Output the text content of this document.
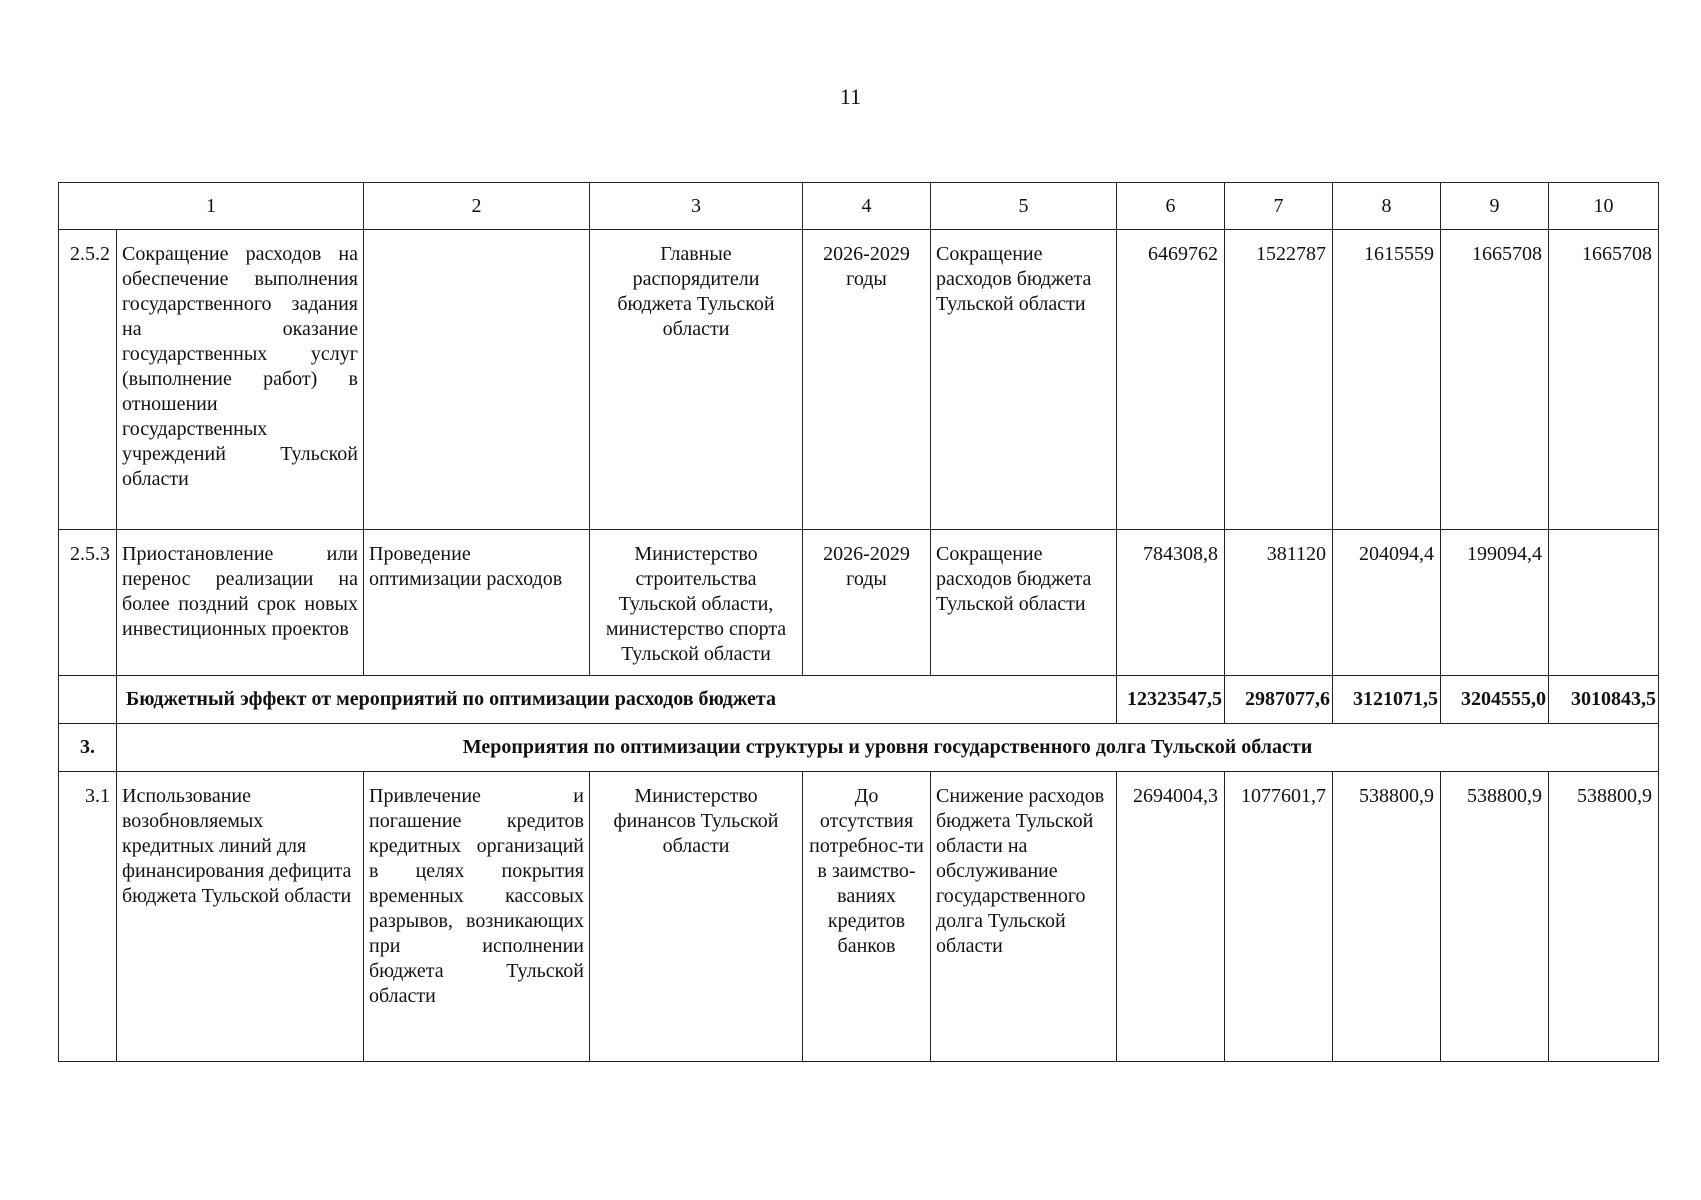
11
1		2	3	4	5	6	7	8	9	10
2.5.2	Сокращение расходов на обеспечение выполнения государственного задания на оказание государственных услуг (выполнение работ) в отношении государственных учреждений Тульской области		Главные распорядители бюджета Тульской области	2026-2029 годы	Сокращение расходов бюджета Тульской области	6469762	1522787	1615559	1665708	1665708
2.5.3	Приостановление или перенос реализации на более поздний срок новых инвестиционных проектов	Проведение оптимизации расходов	Министерство строительства Тульской области, министерство спорта Тульской области	2026-2029 годы	Сокращение расходов бюджета Тульской области	784308,8	381120	204094,4	199094,4	
	Бюджетный эффект от мероприятий по оптимизации расходов бюджета					12323547,5	2987077,6	3121071,5	3204555,0	3010843,5
3.	Мероприятия по оптимизации структуры и уровня государственного долга Тульской области									
3.1	Использование возобновляемых кредитных линий для финансирования дефицита бюджета Тульской области	Привлечение и погашение кредитов кредитных организаций в целях покрытия временных кассовых разрывов, возникающих при исполнении бюджета Тульской области	Министерство финансов Тульской области	До отсутствия потребнос-ти в заимство-ваниях кредитов банков	Снижение расходов бюджета Тульской области на обслуживание государственного долга Тульской области	2694004,3	1077601,7	538800,9	538800,9	538800,9
